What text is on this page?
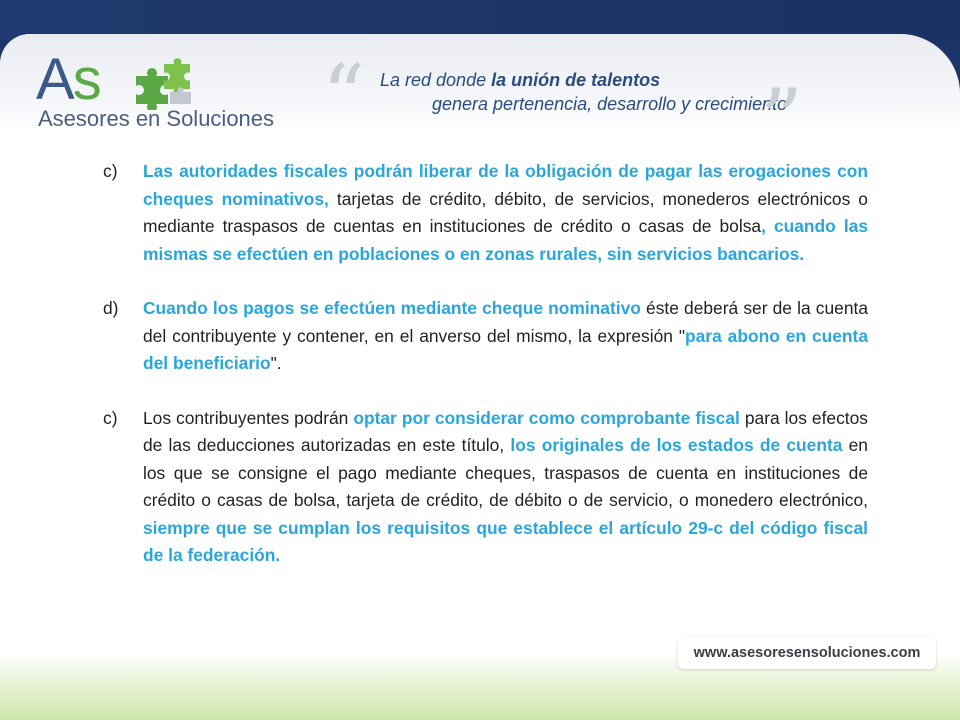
As
Asesores en Soluciones “ La red donde la unión de talentos
genera pertenencia, desarrollo y crecimiento
”
c)	Las autoridades fiscales podrán liberar de la obligación de pagar las erogaciones con cheques nominativos, tarjetas de crédito, débito, de servicios, monederos electrónicos o mediante traspasos de cuentas en instituciones de crédito o casas de bolsa, cuando las mismas se efectúen en poblaciones o en zonas rurales, sin servicios bancarios.
d)	Cuando los pagos se efectúen mediante cheque nominativo éste deberá ser de la cuenta del contribuyente y contener, en el anverso del mismo, la expresión "para abono en cuenta del beneficiario".
c)	Los contribuyentes podrán optar por considerar como comprobante fiscal para los efectos de las deducciones autorizadas en este título, los originales de los estados de cuenta en los que se consigne el pago mediante cheques, traspasos de cuenta en instituciones de crédito o casas de bolsa, tarjeta de crédito, de débito o de servicio, o monedero electrónico, siempre que se cumplan los requisitos que establece el artículo 29-c del código fiscal de la federación.
www.asesoresensoluciones.com
